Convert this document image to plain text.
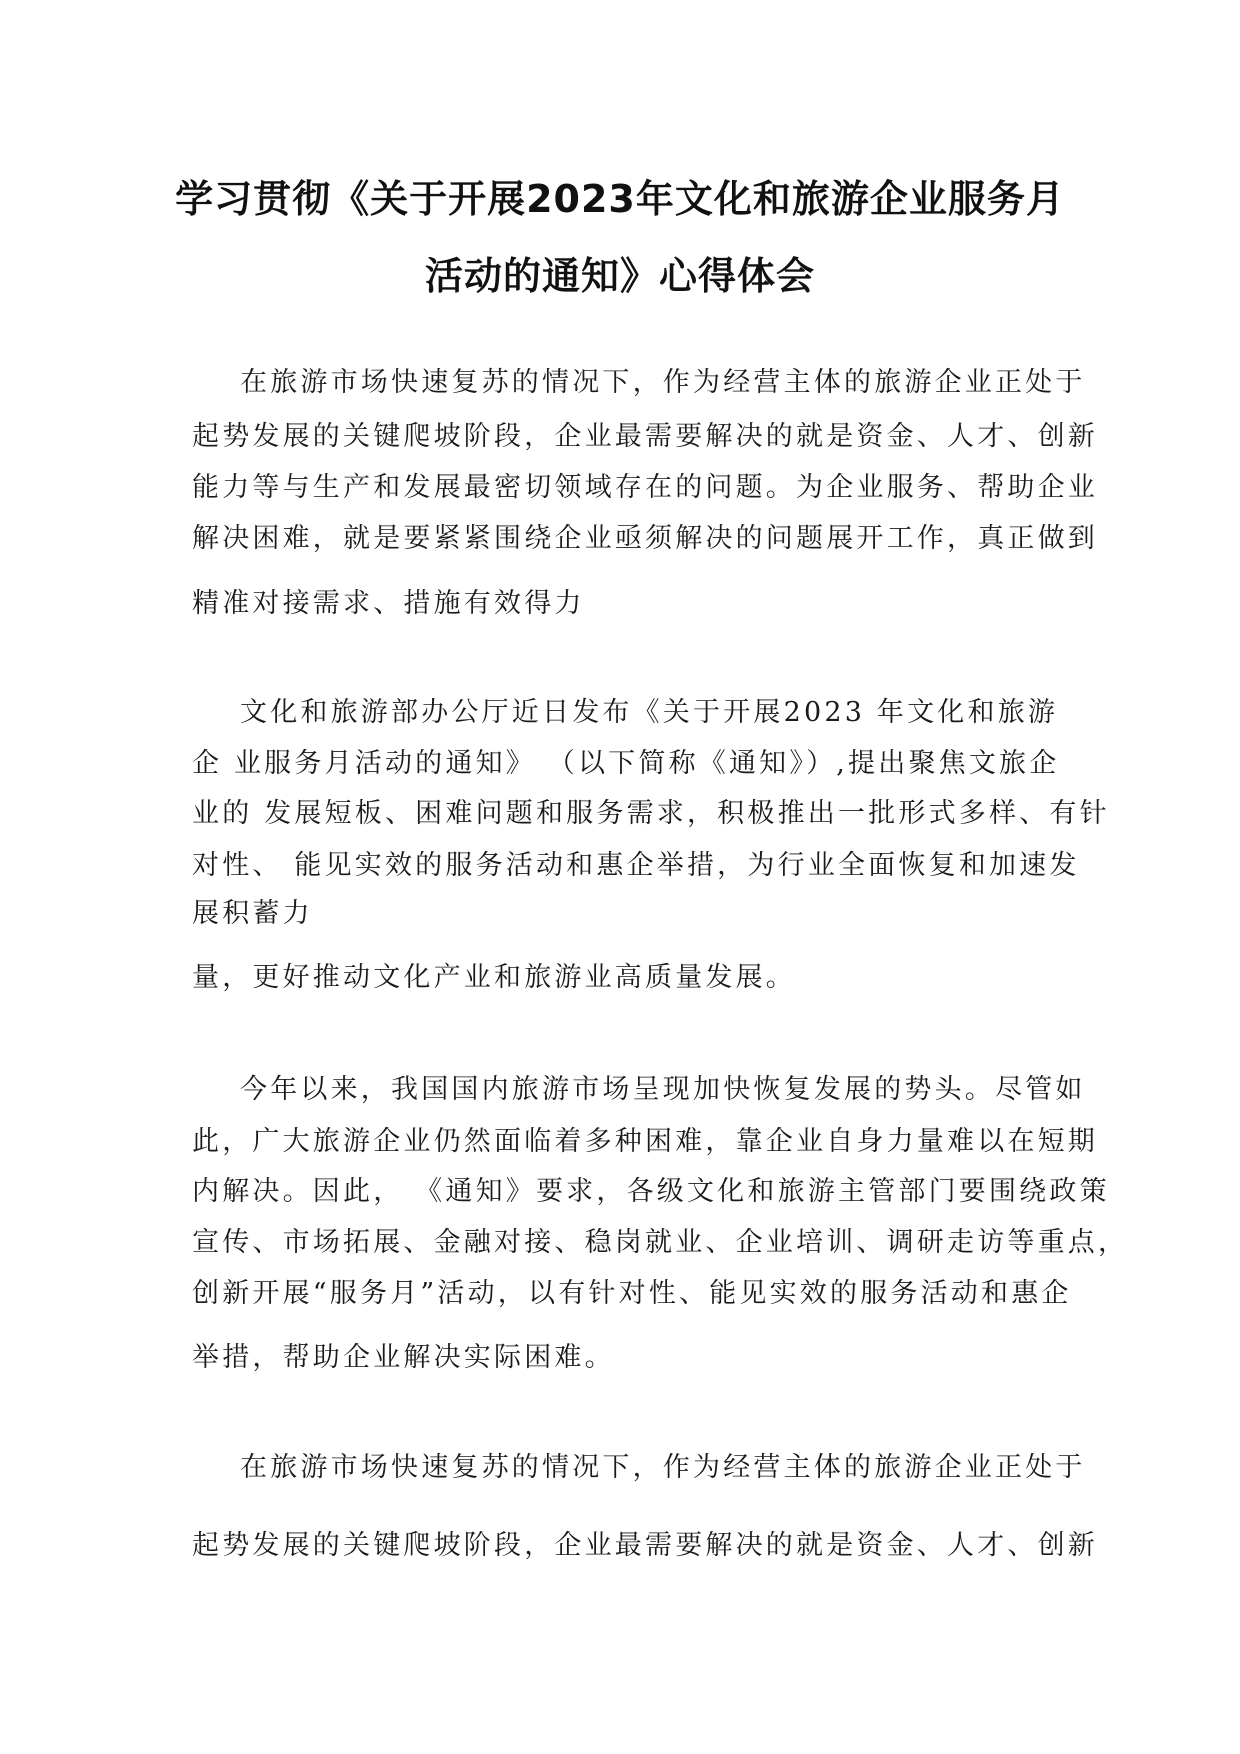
学习贯彻《关于开展2023年文化和旅游企业服务月
活动的通知》心得体会
在旅游市场快速复苏的情况下，作为经营主体的旅游企业正处于
起势发展的关键爬坡阶段，企业最需要解决的就是资金、人才、创新
能力等与生产和发展最密切领域存在的问题。为企业服务、帮助企业
解决困难，就是要紧紧围绕企业亟须解决的问题展开工作，真正做到
精准对接需求、措施有效得力
文化和旅游部办公厅近日发布《关于开展2023 年文化和旅游
企 业服务月活动的通知》 （以下简称《通知》）,提出聚焦文旅企
业的 发展短板、困难问题和服务需求，积极推出一批形式多样、有针
对性、 能见实效的服务活动和惠企举措，为行业全面恢复和加速发
展积蓄力
量，更好推动文化产业和旅游业高质量发展。
今年以来，我国国内旅游市场呈现加快恢复发展的势头。尽管如
此，广大旅游企业仍然面临着多种困难，靠企业自身力量难以在短期
内解决。因此， 《通知》要求，各级文化和旅游主管部门要围绕政策
宣传、市场拓展、金融对接、稳岗就业、企业培训、调研走访等重点，
创新开展“服务月”活动，以有针对性、能见实效的服务活动和惠企
举措，帮助企业解决实际困难。
在旅游市场快速复苏的情况下，作为经营主体的旅游企业正处于
起势发展的关键爬坡阶段，企业最需要解决的就是资金、人才、创新
